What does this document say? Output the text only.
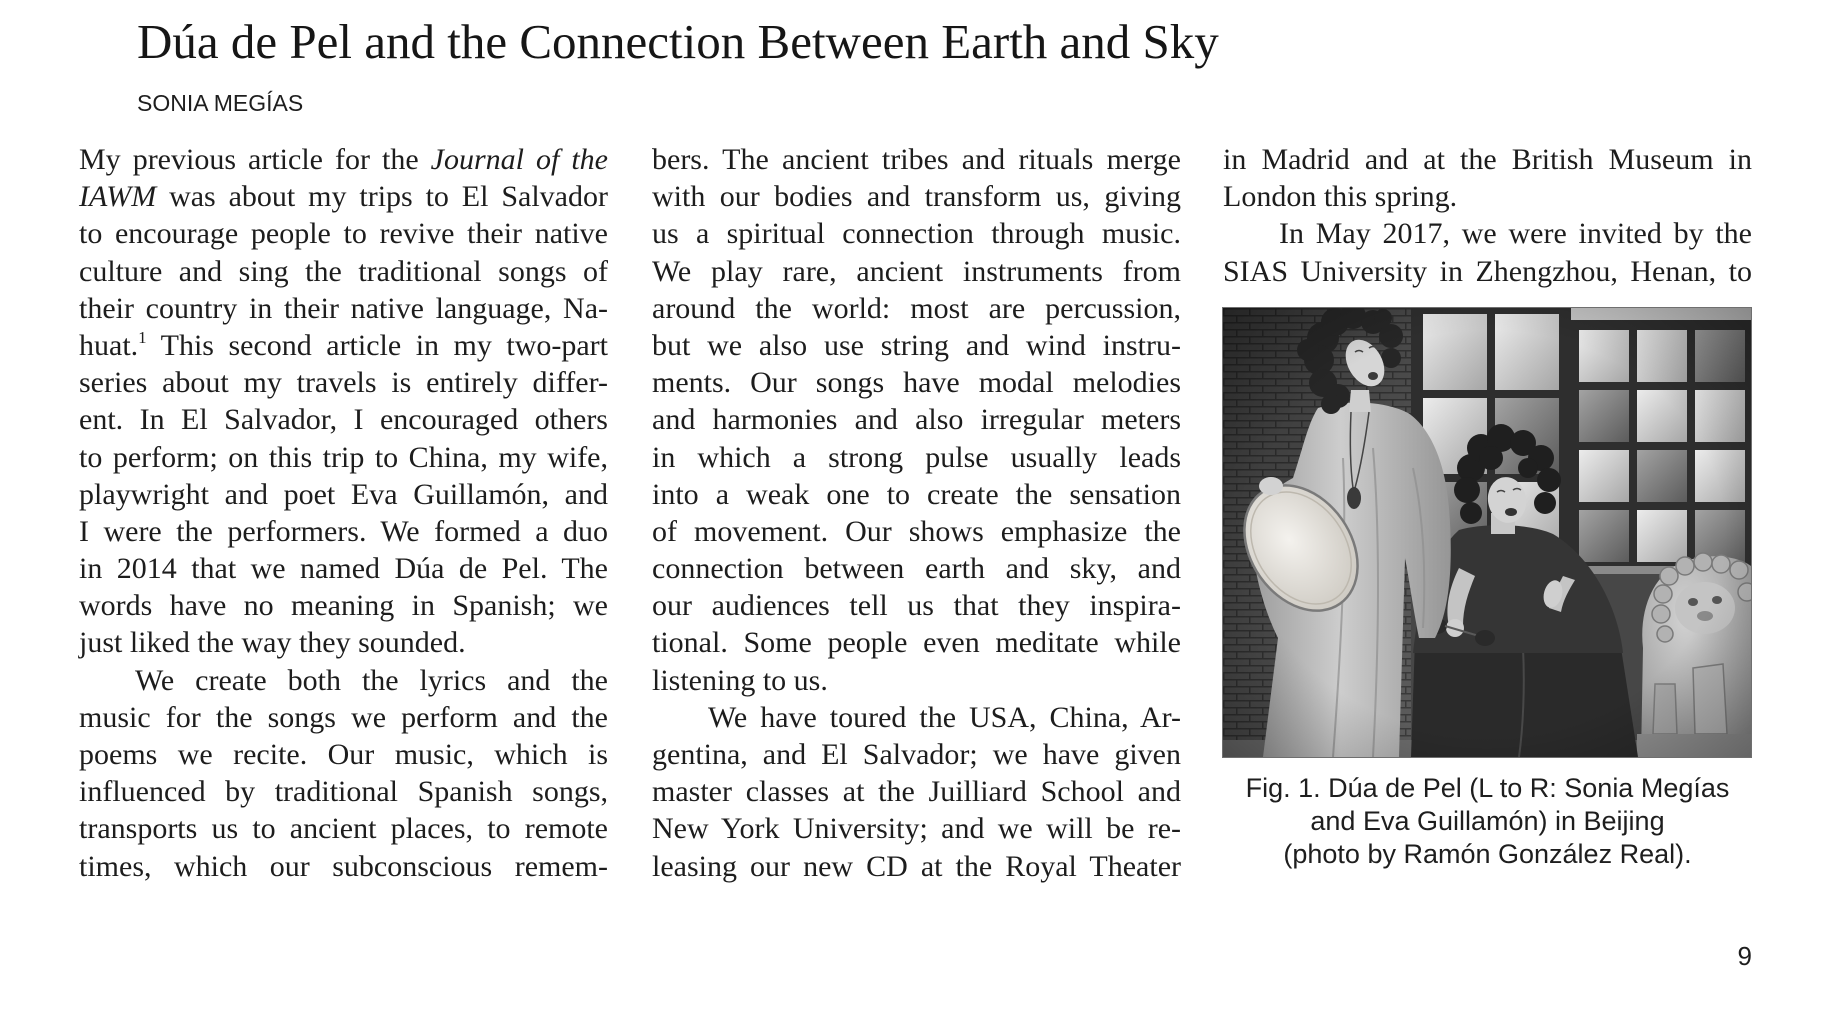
Dúa de Pel and the Connection Between Earth and Sky
SONIA MEGÍAS
My previous article for the Journal of the
IAWM was about my trips to El Salvador
to encourage people to revive their native
culture and sing the traditional songs of
their country in their native language, Na-
huat.$^1$ This second article in my two-part
series about my travels is entirely differ-
ent. In El Salvador, I encouraged others
to perform; on this trip to China, my wife,
playwright and poet Eva Guillamón, and
I were the performers. We formed a duo
in 2014 that we named Dúa de Pel. The
words have no meaning in Spanish; we
just liked the way they sounded.
We create both the lyrics and the
music for the songs we perform and the
poems we recite. Our music, which is
influenced by traditional Spanish songs,
transports us to ancient places, to remote
times, which our subconscious remem-
bers. The ancient tribes and rituals merge
with our bodies and transform us, giving
us a spiritual connection through music.
We play rare, ancient instruments from
around the world: most are percussion,
but we also use string and wind instru-
ments. Our songs have modal melodies
and harmonies and also irregular meters
in which a strong pulse usually leads
into a weak one to create the sensation
of movement. Our shows emphasize the
connection between earth and sky, and
our audiences tell us that they inspira-
tional. Some people even meditate while
listening to us.
We have toured the USA, China, Ar-
gentina, and El Salvador; we have given
master classes at the Juilliard School and
New York University; and we will be re-
leasing our new CD at the Royal Theater
in Madrid and at the British Museum in
London this spring.
In May 2017, we were invited by the
SIAS University in Zhengzhou, Henan, to
Fig. 1. Dúa de Pel (L to R: Sonia Megías
and Eva Guillamón) in Beijing
(photo by Ramón González Real).
9
